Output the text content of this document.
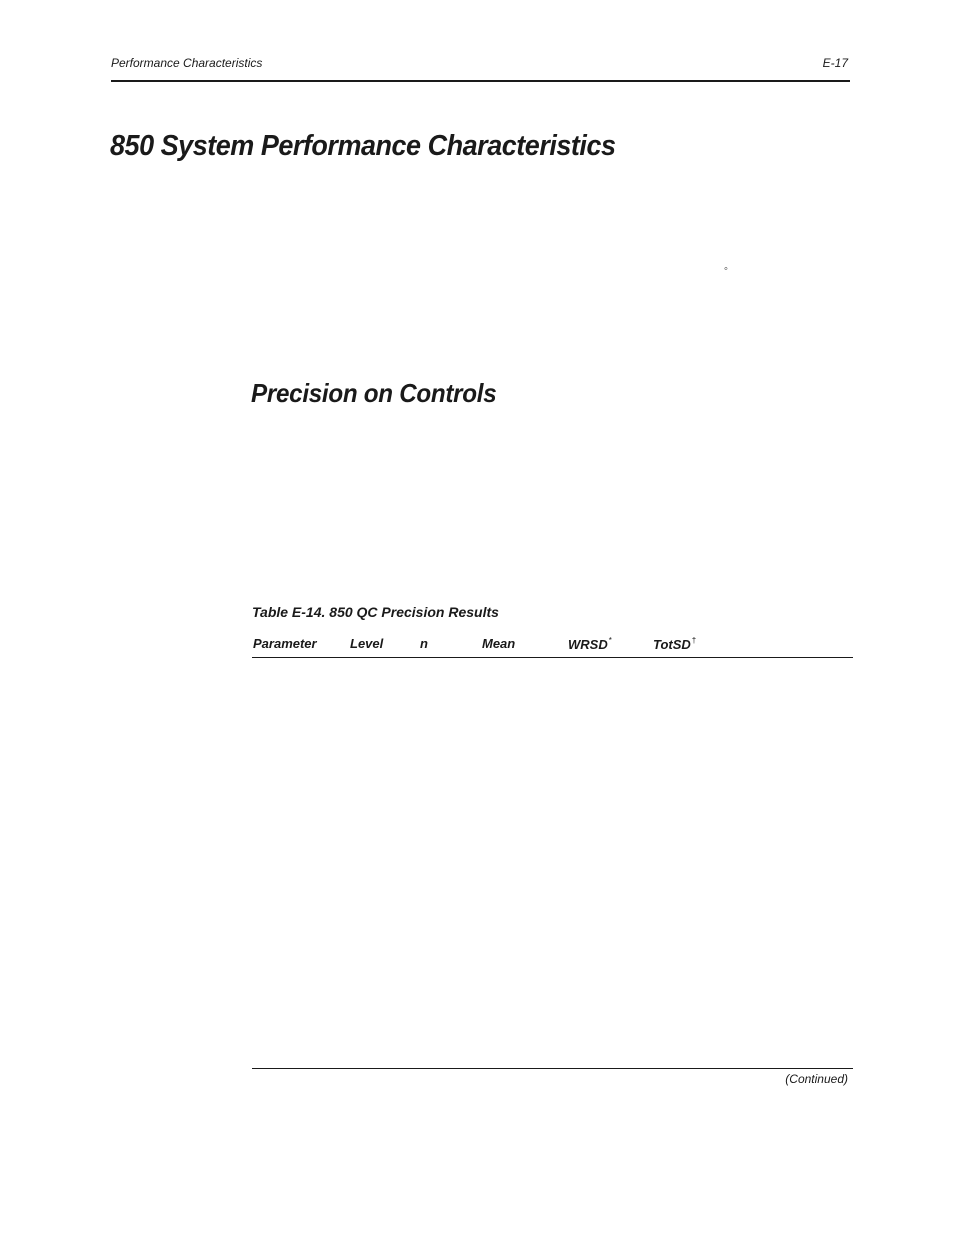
Performance Characteristics	E-17
850 System Performance Characteristics
◦
Precision on Controls
Table E-14. 850 QC Precision Results
Parameter	Level	n	Mean	WRSD*	TotSD†
(Continued)
